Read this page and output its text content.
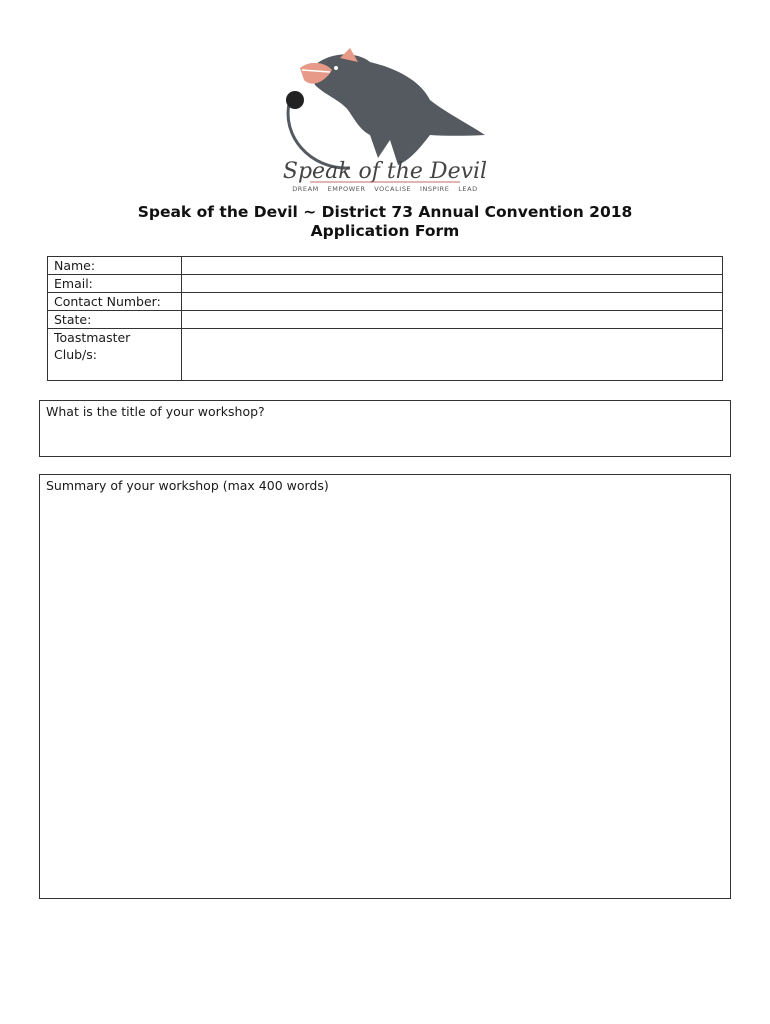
Speak of the Devil
DREAM EMPOWER VOCALISE INSPIRE LEAD
Speak of the Devil ~ District 73 Annual Convention 2018
Application Form
Name:	
Email:	
Contact Number:	
State:	

Toastmaster
Club/s:	

What is the title of your workshop?
Summary of your workshop (max 400 words)
